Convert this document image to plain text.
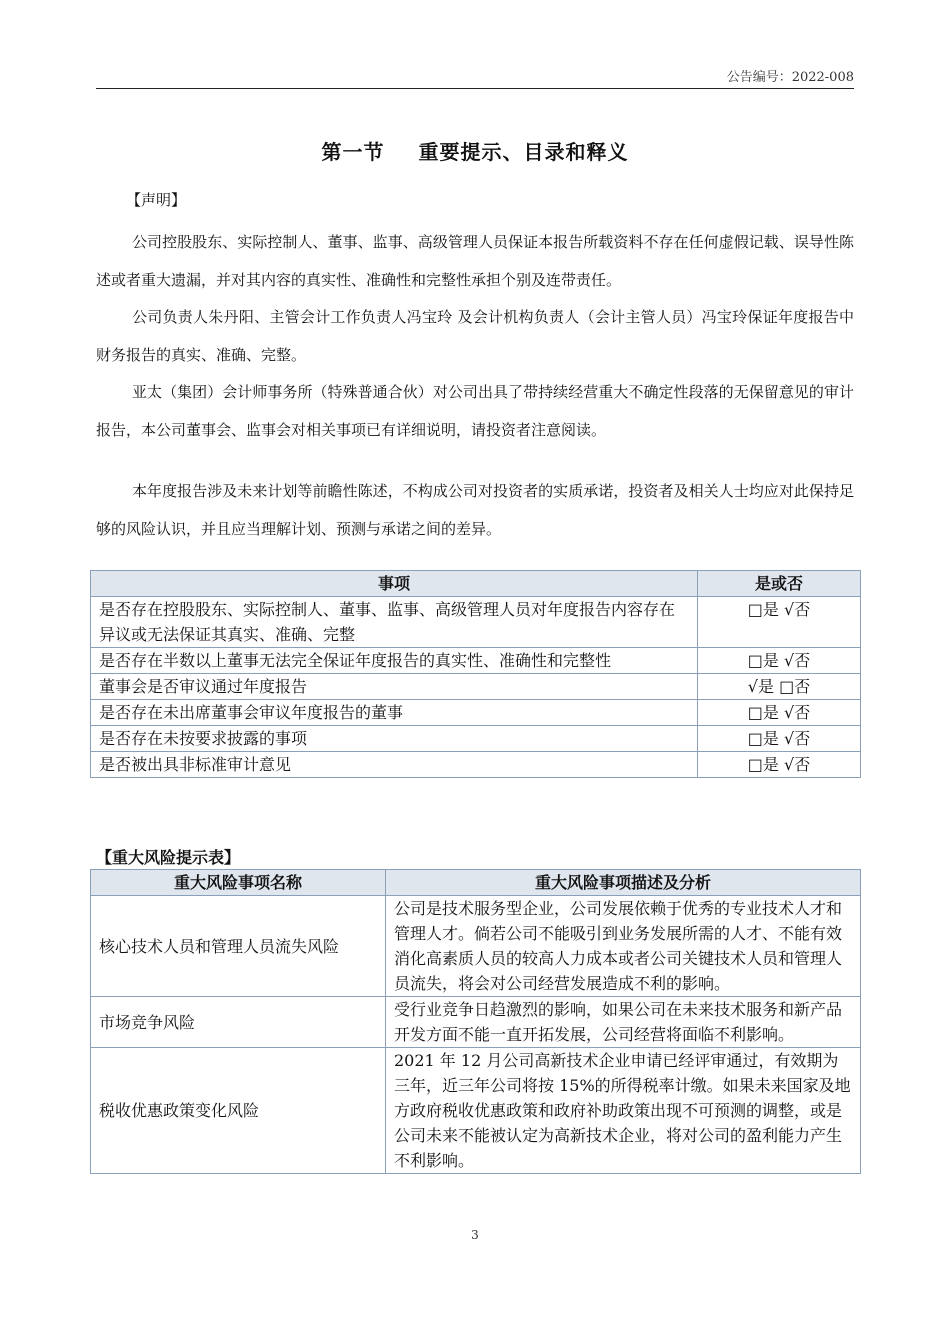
公告编号：2022-008
第一节 重要提示、目录和释义
【声明】

公司控股股东、实际控制人、董事、监事、高级管理人员保证本报告所载资料不存在任何虚假记载、误导性陈述或者重大遗漏，并对其内容的真实性、准确性和完整性承担个别及连带责任。

公司负责人朱丹阳、主管会计工作负责人冯宝玲 及会计机构负责人（会计主管人员）冯宝玲保证年度报告中财务报告的真实、准确、完整。

亚太（集团）会计师事务所（特殊普通合伙）对公司出具了带持续经营重大不确定性段落的无保留意见的审计报告，本公司董事会、监事会对相关事项已有详细说明，请投资者注意阅读。

本年度报告涉及未来计划等前瞻性陈述，不构成公司对投资者的实质承诺，投资者及相关人士均应对此保持足够的风险认识，并且应当理解计划、预测与承诺之间的差异。

事项	是或否
是否存在控股股东、实际控制人、董事、监事、高级管理人员对年度报告内容存在异议或无法保证其真实、准确、完整	□是 √否
是否存在半数以上董事无法完全保证年度报告的真实性、准确性和完整性	□是 √否
董事会是否审议通过年度报告	√是 □否
是否存在未出席董事会审议年度报告的董事	□是 √否
是否存在未按要求披露的事项	□是 √否
是否被出具非标准审计意见	□是 √否
【重大风险提示表】
重大风险事项名称	重大风险事项描述及分析
核心技术人员和管理人员流失风险	公司是技术服务型企业，公司发展依赖于优秀的专业技术人才和管理人才。倘若公司不能吸引到业务发展所需的人才、不能有效消化高素质人员的较高人力成本或者公司关键技术人员和管理人员流失，将会对公司经营发展造成不利的影响。
市场竞争风险	受行业竞争日趋激烈的影响，如果公司在未来技术服务和新产品开发方面不能一直开拓发展，公司经营将面临不利影响。
税收优惠政策变化风险	2021 年 12 月公司高新技术企业申请已经评审通过，有效期为三年，近三年公司将按 15%的所得税率计缴。如果未来国家及地方政府税收优惠政策和政府补助政策出现不可预测的调整，或是公司未来不能被认定为高新技术企业，将对公司的盈利能力产生不利影响。
3
